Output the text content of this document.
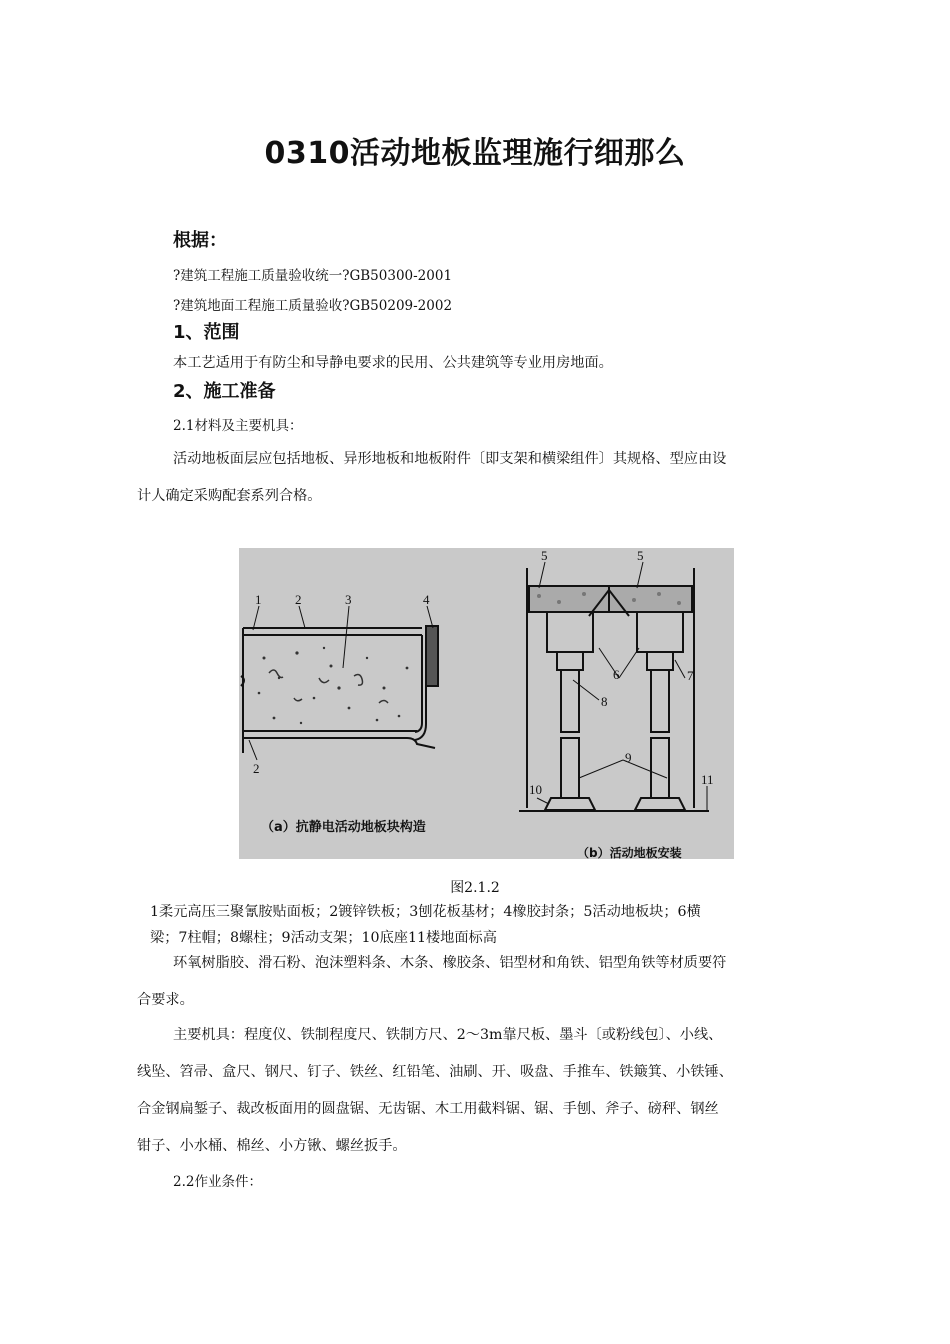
0310活动地板监理施行细那么
根据：
?建筑工程施工质量验收统一?GB50300-2001
?建筑地面工程施工质量验收?GB50209-2002
1、范围
本工艺适用于有防尘和导静电要求的民用、公共建筑等专业用房地面。
2、施工准备
2.1材料及主要机具：
活动地板面层应包括地板、异形地板和地板附件〔即支架和横梁组件〕其规格、型应由设
计人确定采购配套系列合格。
1	2	3	4
2
（a）抗静电活动地板块构造
5	5
6	7
8
9
10
11
（b）活动地板安装
图2.1.2
1柔元高压三聚氰胺贴面板；2镀锌铁板；3刨花板基材；4橡胶封条；5活动地板块；6横
梁；7柱帽；8螺柱；9活动支架；10底座11楼地面标高
环氧树脂胶、滑石粉、泡沫塑料条、木条、橡胶条、铝型材和角铁、铝型角铁等材质要符
合要求。
主要机具：程度仪、铁制程度尺、铁制方尺、2～3m靠尺板、墨斗〔或粉线包〕、小线、
线坠、笤帚、盒尺、钢尺、钉子、铁丝、红铅笔、油刷、开、吸盘、手推车、铁簸箕、小铁锤、
合金钢扁錾子、裁改板面用的圆盘锯、无齿锯、木工用截料锯、锯、手刨、斧子、磅秤、钢丝
钳子、小水桶、棉丝、小方锹、螺丝扳手。
2.2作业条件：
